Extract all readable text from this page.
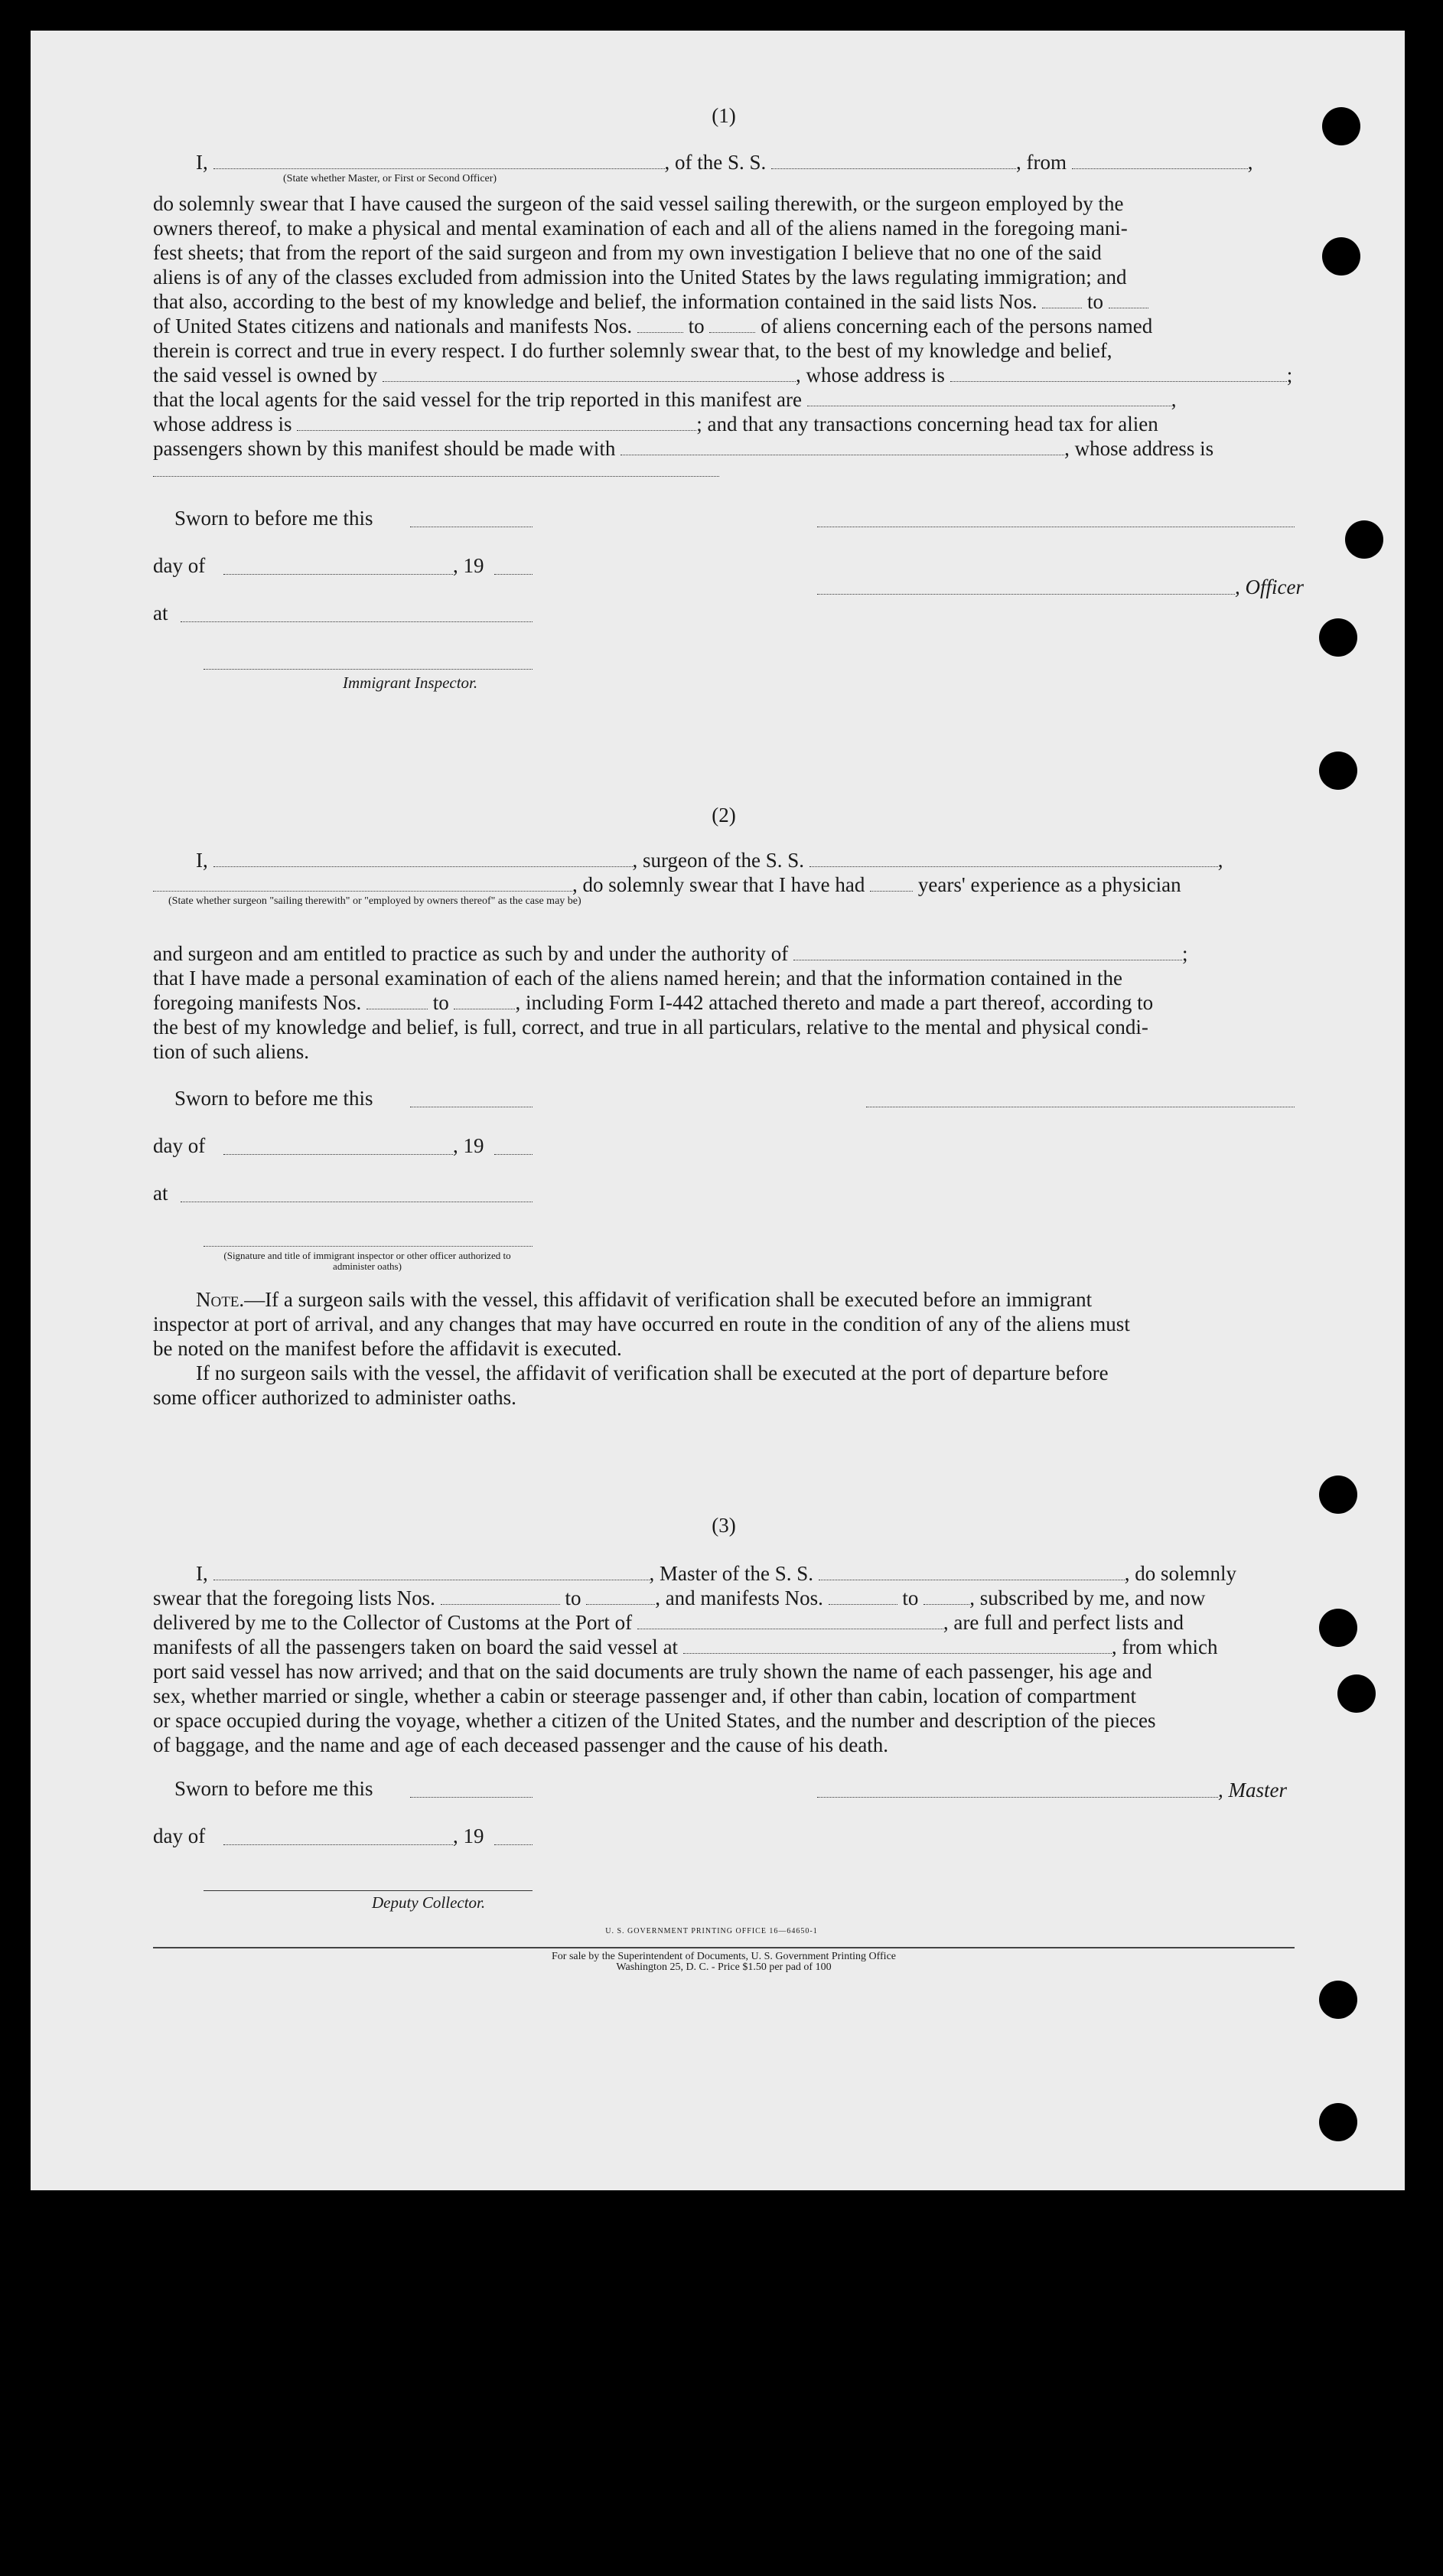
(1)
I,	, of the S. S.	, from	,
(State whether Master, or First or Second Officer)
do solemnly swear that I have caused the surgeon of the said vessel sailing therewith, or the surgeon employed by the
owners thereof, to make a physical and mental examination of each and all of the aliens named in the foregoing mani-
fest sheets; that from the report of the said surgeon and from my own investigation I believe that no one of the said
aliens is of any of the classes excluded from admission into the United States by the laws regulating immigration; and
that also, according to the best of my knowledge and belief, the information contained in the said lists Nos. to
of United States citizens and nationals and manifests Nos.	to	of aliens concerning each of the persons named
therein is correct and true in every respect. I do further solemnly swear that, to the best of my knowledge and belief,
the said vessel is owned by	, whose address is	;
that the local agents for the said vessel for the trip reported in this manifest are	,
whose address is	; and that any transactions concerning head tax for alien
passengers shown by this manifest should be made with	, whose address is
Sworn to before me this
day of	, 19
, Officer
at
Immigrant Inspector.
(2)
I,	, surgeon of the S. S.	,
, do solemnly swear that I have had	years' experience as a physician
(State whether surgeon "sailing therewith" or "employed by owners thereof" as the case may be)
and surgeon and am entitled to practice as such by and under the authority of	;
that I have made a personal examination of each of the aliens named herein; and that the information contained in the
foregoing manifests Nos.	to	, including Form I-442 attached thereto and made a part thereof, according to
the best of my knowledge and belief, is full, correct, and true in all particulars, relative to the mental and physical condi-
tion of such aliens.
Sworn to before me this
day of	, 19
at
(Signature and title of immigrant inspector or other officer authorized to administer oaths)
Note.—If a surgeon sails with the vessel, this affidavit of verification shall be executed before an immigrant
inspector at port of arrival, and any changes that may have occurred en route in the condition of any of the aliens must
be noted on the manifest before the affidavit is executed.
If no surgeon sails with the vessel, the affidavit of verification shall be executed at the port of departure before
some officer authorized to administer oaths.
(3)
I,	, Master of the S. S.	, do solemnly
swear that the foregoing lists Nos.	to	, and manifests Nos.	to , subscribed by me, and now
delivered by me to the Collector of Customs at the Port of	, are full and perfect lists and
manifests of all the passengers taken on board the said vessel at	, from which
port said vessel has now arrived; and that on the said documents are truly shown the name of each passenger, his age and
sex, whether married or single, whether a cabin or steerage passenger and, if other than cabin, location of compartment
or space occupied during the voyage, whether a citizen of the United States, and the number and description of the pieces
of baggage, and the name and age of each deceased passenger and the cause of his death.
Sworn to before me this	, Master
day of	, 19
Deputy Collector.
U. S. GOVERNMENT PRINTING OFFICE 16—64650-1
For sale by the Superintendent of Documents, U. S. Government Printing Office
Washington 25, D. C. - Price $1.50 per pad of 100
